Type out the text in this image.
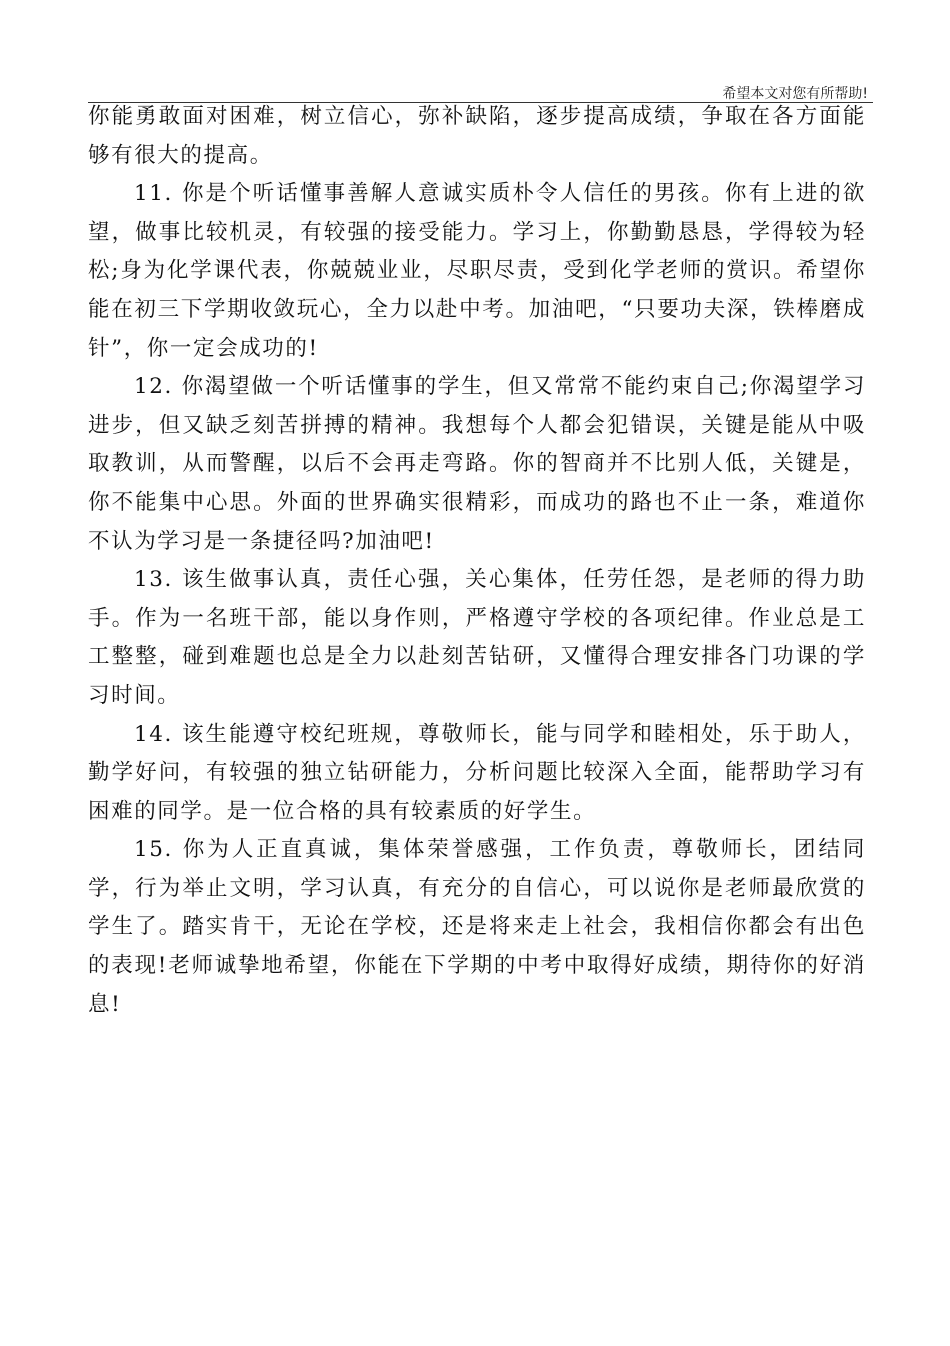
希望本文对您有所帮助!

你能勇敢面对困难，树立信心，弥补缺陷，逐步提高成绩，争取在各方面能够有很大的提高。

11. 你是个听话懂事善解人意诚实质朴令人信任的男孩。你有上进的欲望，做事比较机灵，有较强的接受能力。学习上，你勤勤恳恳，学得较为轻松;身为化学课代表，你兢兢业业，尽职尽责，受到化学老师的赏识。希望你能在初三下学期收敛玩心，全力以赴中考。加油吧，“只要功夫深，铁棒磨成针”，你一定会成功的!

12. 你渴望做一个听话懂事的学生，但又常常不能约束自己;你渴望学习进步，但又缺乏刻苦拼搏的精神。我想每个人都会犯错误，关键是能从中吸取教训，从而警醒，以后不会再走弯路。你的智商并不比别人低，关键是，你不能集中心思。外面的世界确实很精彩，而成功的路也不止一条，难道你不认为学习是一条捷径吗?加油吧!

13. 该生做事认真，责任心强，关心集体，任劳任怨，是老师的得力助手。作为一名班干部，能以身作则，严格遵守学校的各项纪律。作业总是工工整整，碰到难题也总是全力以赴刻苦钻研，又懂得合理安排各门功课的学习时间。

14. 该生能遵守校纪班规，尊敬师长，能与同学和睦相处，乐于助人，勤学好问，有较强的独立钻研能力，分析问题比较深入全面，能帮助学习有困难的同学。是一位合格的具有较素质的好学生。

15. 你为人正直真诚，集体荣誉感强，工作负责，尊敬师长，团结同学，行为举止文明，学习认真，有充分的自信心，可以说你是老师最欣赏的学生了。踏实肯干，无论在学校，还是将来走上社会，我相信你都会有出色的表现!老师诚挚地希望，你能在下学期的中考中取得好成绩，期待你的好消息!
